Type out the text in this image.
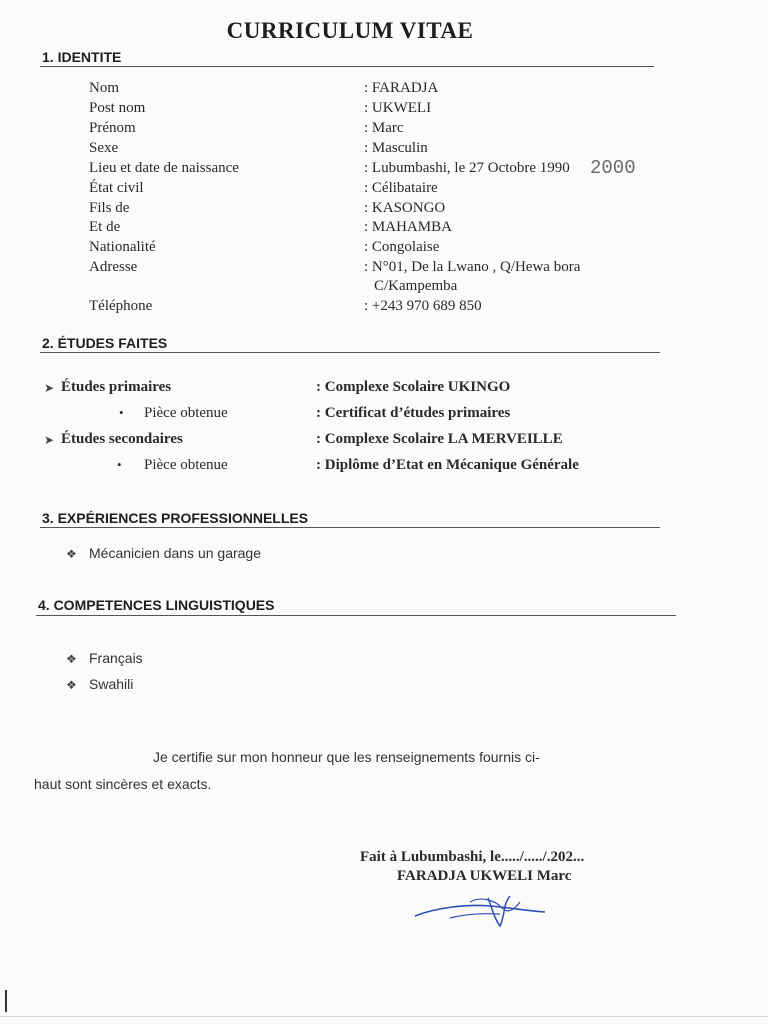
CURRICULUM VITAE
1. IDENTITE
Nom	: FARADJA
Post nom	: UKWELI
Prénom	: Marc
Sexe	: Masculin
Lieu et date de naissance	: Lubumbashi, le 27 Octobre 1990 2000
État civil	: Célibataire
Fils de	: KASONGO
Et de	: MAHAMBA
Nationalité	: Congolaise
Adresse	: N°01, De la Lwano , Q/Hewa bora
C/Kampemba
Téléphone	: +243 970 689 850
2. ÉTUDES FAITES
➤ Études primaires	: Complexe Scolaire UKINGO
• Pièce obtenue	: Certificat d’études primaires
➤ Études secondaires	: Complexe Scolaire LA MERVEILLE
• Pièce obtenue	: Diplôme d’Etat en Mécanique Générale
3. EXPÉRIENCES PROFESSIONNELLES
❖ Mécanicien dans un garage
4. COMPETENCES LINGUISTIQUES
❖ Français
❖ Swahili
Je certifie sur mon honneur que les renseignements fournis ci-
haut sont sincères et exacts.
Fait à Lubumbashi, le...../...../.202...
FARADJA UKWELI Marc
